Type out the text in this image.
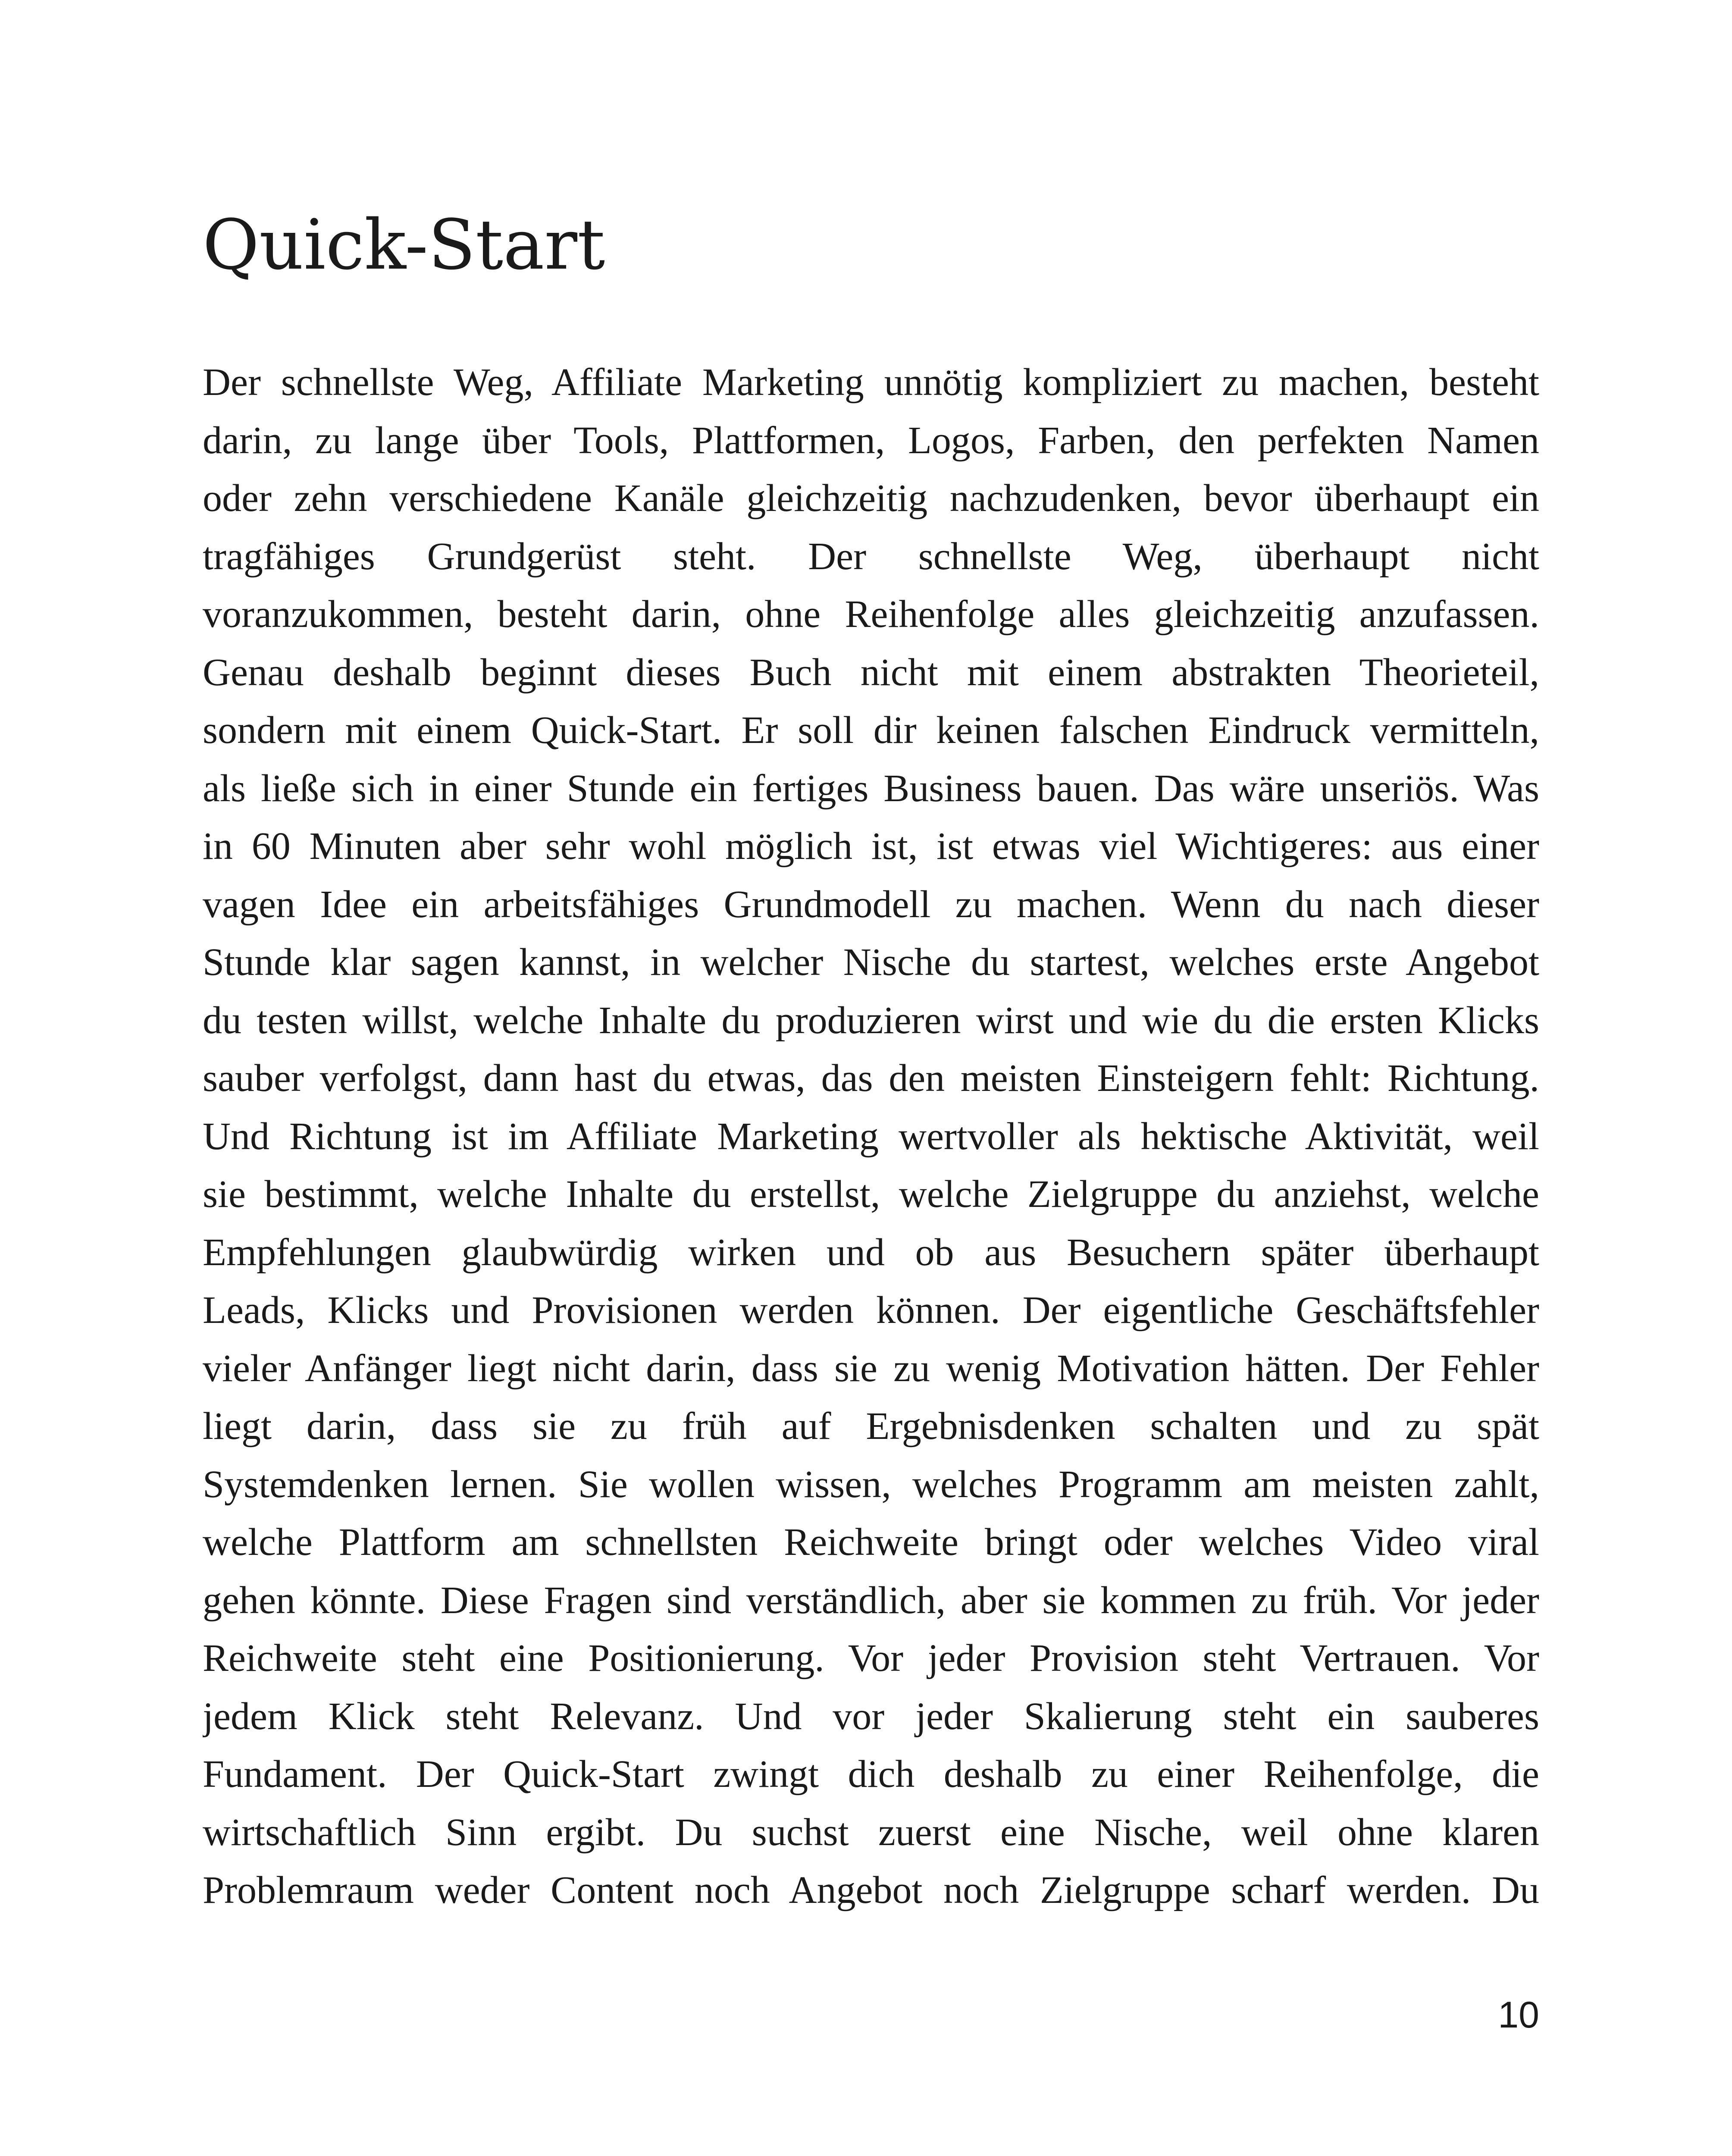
Quick-Start
Der schnellste Weg, Affiliate Marketing unnötig kompliziert zu machen, besteht
darin, zu lange über Tools, Plattformen, Logos, Farben, den perfekten Namen
oder zehn verschiedene Kanäle gleichzeitig nachzudenken, bevor überhaupt ein
tragfähiges Grundgerüst steht. Der schnellste Weg, überhaupt nicht
voranzukommen, besteht darin, ohne Reihenfolge alles gleichzeitig anzufassen.
Genau deshalb beginnt dieses Buch nicht mit einem abstrakten Theorieteil,
sondern mit einem Quick-Start. Er soll dir keinen falschen Eindruck vermitteln,
als ließe sich in einer Stunde ein fertiges Business bauen. Das wäre unseriös. Was
in 60 Minuten aber sehr wohl möglich ist, ist etwas viel Wichtigeres: aus einer
vagen Idee ein arbeitsfähiges Grundmodell zu machen. Wenn du nach dieser
Stunde klar sagen kannst, in welcher Nische du startest, welches erste Angebot
du testen willst, welche Inhalte du produzieren wirst und wie du die ersten Klicks
sauber verfolgst, dann hast du etwas, das den meisten Einsteigern fehlt: Richtung.
Und Richtung ist im Affiliate Marketing wertvoller als hektische Aktivität, weil
sie bestimmt, welche Inhalte du erstellst, welche Zielgruppe du anziehst, welche
Empfehlungen glaubwürdig wirken und ob aus Besuchern später überhaupt
Leads, Klicks und Provisionen werden können. Der eigentliche Geschäftsfehler
vieler Anfänger liegt nicht darin, dass sie zu wenig Motivation hätten. Der Fehler
liegt darin, dass sie zu früh auf Ergebnisdenken schalten und zu spät
Systemdenken lernen. Sie wollen wissen, welches Programm am meisten zahlt,
welche Plattform am schnellsten Reichweite bringt oder welches Video viral
gehen könnte. Diese Fragen sind verständlich, aber sie kommen zu früh. Vor jeder
Reichweite steht eine Positionierung. Vor jeder Provision steht Vertrauen. Vor
jedem Klick steht Relevanz. Und vor jeder Skalierung steht ein sauberes
Fundament. Der Quick-Start zwingt dich deshalb zu einer Reihenfolge, die
wirtschaftlich Sinn ergibt. Du suchst zuerst eine Nische, weil ohne klaren
Problemraum weder Content noch Angebot noch Zielgruppe scharf werden. Du
10
